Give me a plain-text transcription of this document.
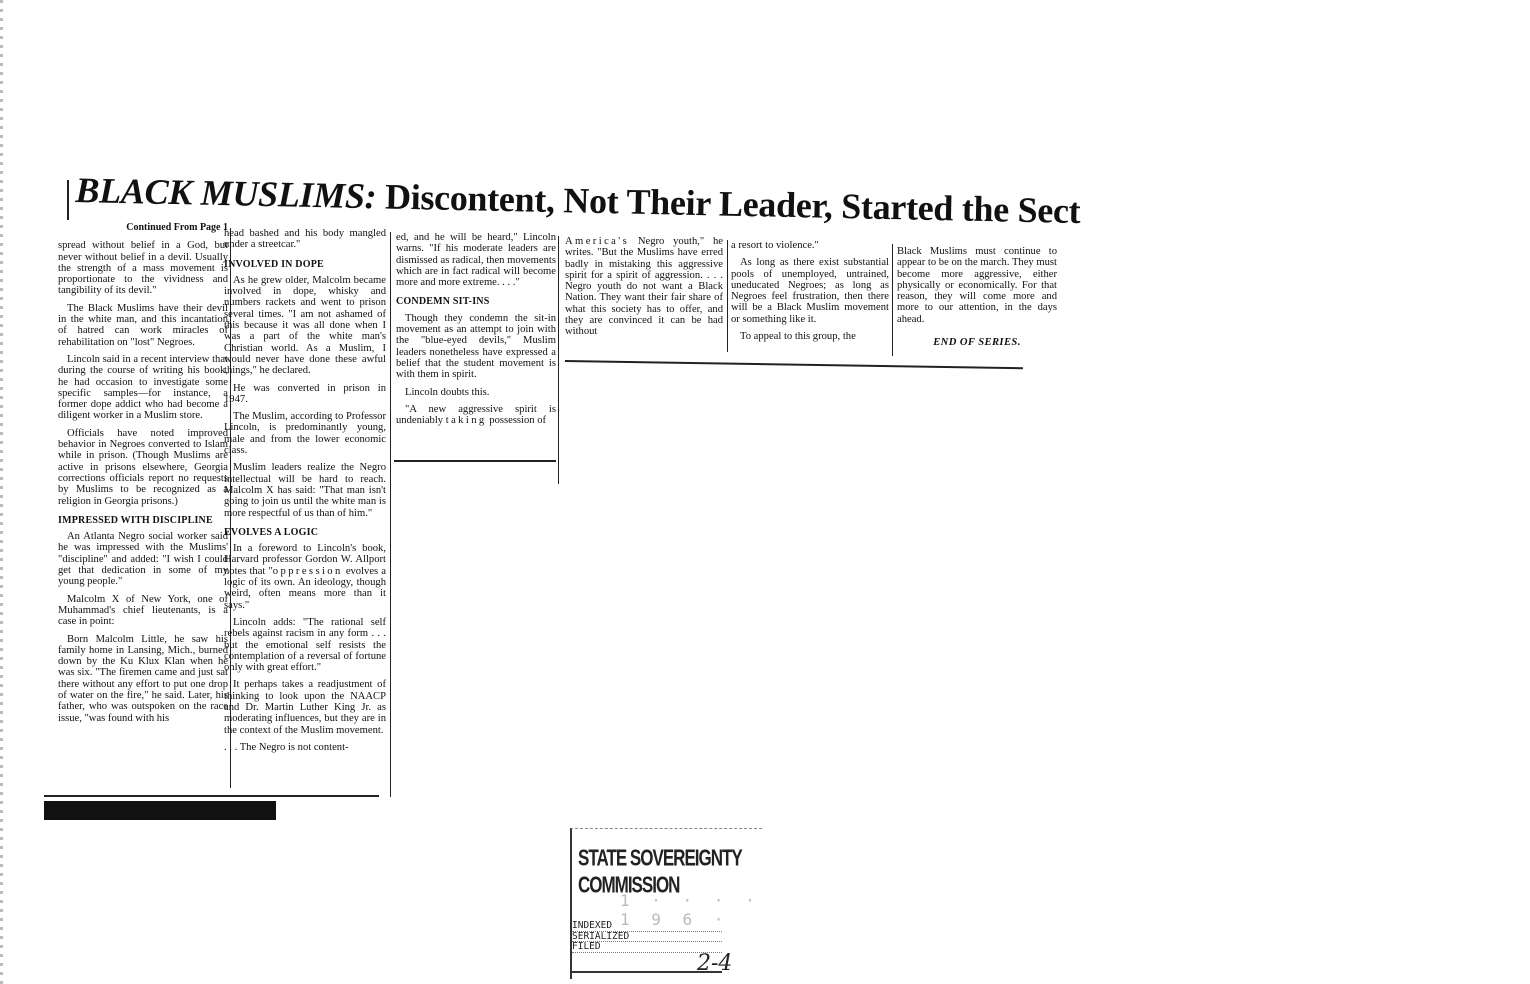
BLACK MUSLIMS: Discontent, Not Their Leader, Started the Sect

Continued From Page 1

spread without belief in a God, but never without belief in a devil. Usually the strength of a mass movement is proportionate to the vividness and tangibility of its devil."

The Black Muslims have their devil in the white man, and this incantation of hatred can work miracles of rehabilitation on "lost" Negroes.

Lincoln said in a recent interview that during the course of writing his book, he had occasion to investigate some specific samples—for instance, a former dope addict who had become a diligent worker in a Muslim store.

Officials have noted improved behavior in Negroes converted to Islam while in prison. (Though Muslims are active in prisons elsewhere, Georgia corrections officials report no requests by Muslims to be recognized as a religion in Georgia prisons.)

IMPRESSED WITH DISCIPLINE

An Atlanta Negro social worker said he was impressed with the Muslims' "discipline" and added: "I wish I could get that dedication in some of my young people."

Malcolm X of New York, one of Muhammad's chief lieutenants, is a case in point:

Born Malcolm Little, he saw his family home in Lansing, Mich., burned down by the Ku Klux Klan when he was six. "The firemen came and just sat there without any effort to put one drop of water on the fire," he said. Later, his father, who was outspoken on the race issue, "was found with his

head bashed and his body mangled under a streetcar."

INVOLVED IN DOPE

As he grew older, Malcolm became involved in dope, whisky and numbers rackets and went to prison several times. "I am not ashamed of this because it was all done when I was a part of the white man's Christian world. As a Muslim, I would never have done these awful things," he declared.

He was converted in prison in 1947.

The Muslim, according to Professor Lincoln, is predominantly young, male and from the lower economic class.

Muslim leaders realize the Negro intellectual will be hard to reach. Malcolm X has said: "That man isn't going to join us until the white man is more respectful of us than of him."

EVOLVES A LOGIC

In a foreword to Lincoln's book, Harvard professor Gordon W. Allport notes that "oppression evolves a logic of its own. An ideology, though weird, often means more than it says."

Lincoln adds: "The rational self rebels against racism in any form . . . but the emotional self resists the contemplation of a reversal of fortune only with great effort."

It perhaps takes a readjustment of thinking to look upon the NAACP and Dr. Martin Luther King Jr. as moderating influences, but they are in the context of the Muslim movement.

. . . The Negro is not content-

ed, and he will be heard," Lincoln warns. "If his moderate leaders are dismissed as radical, then movements which are in fact radical will become more and more extreme. . . ."

CONDEMN SIT-INS

Though they condemn the sit-in movement as an attempt to join with the "blue-eyed devils," Muslim leaders nonetheless have expressed a belief that the student movement is with them in spirit.

Lincoln doubts this.

"A new aggressive spirit is undeniably taking possession of

America's Negro youth," he writes. "But the Muslims have erred badly in mistaking this aggressive spirit for a spirit of aggression. . . . Negro youth do not want a Black Nation. They want their fair share of what this society has to offer, and they are convinced it can be had without

a resort to violence."

As long as there exist substantial pools of unemployed, untrained, uneducated Negroes; as long as Negroes feel frustration, then there will be a Black Muslim movement or something like it.

To appeal to this group, the

Black Muslims must continue to appear to be on the march. They must become more aggressive, either physically or economically. For that reason, they will come more and more to our attention, in the days ahead.

END OF SERIES.

STATE SOVEREIGNTY COMMISSION
1 · · · · 1 9 6 ·
INDEXED
SERIALIZED
FILED
2-4
